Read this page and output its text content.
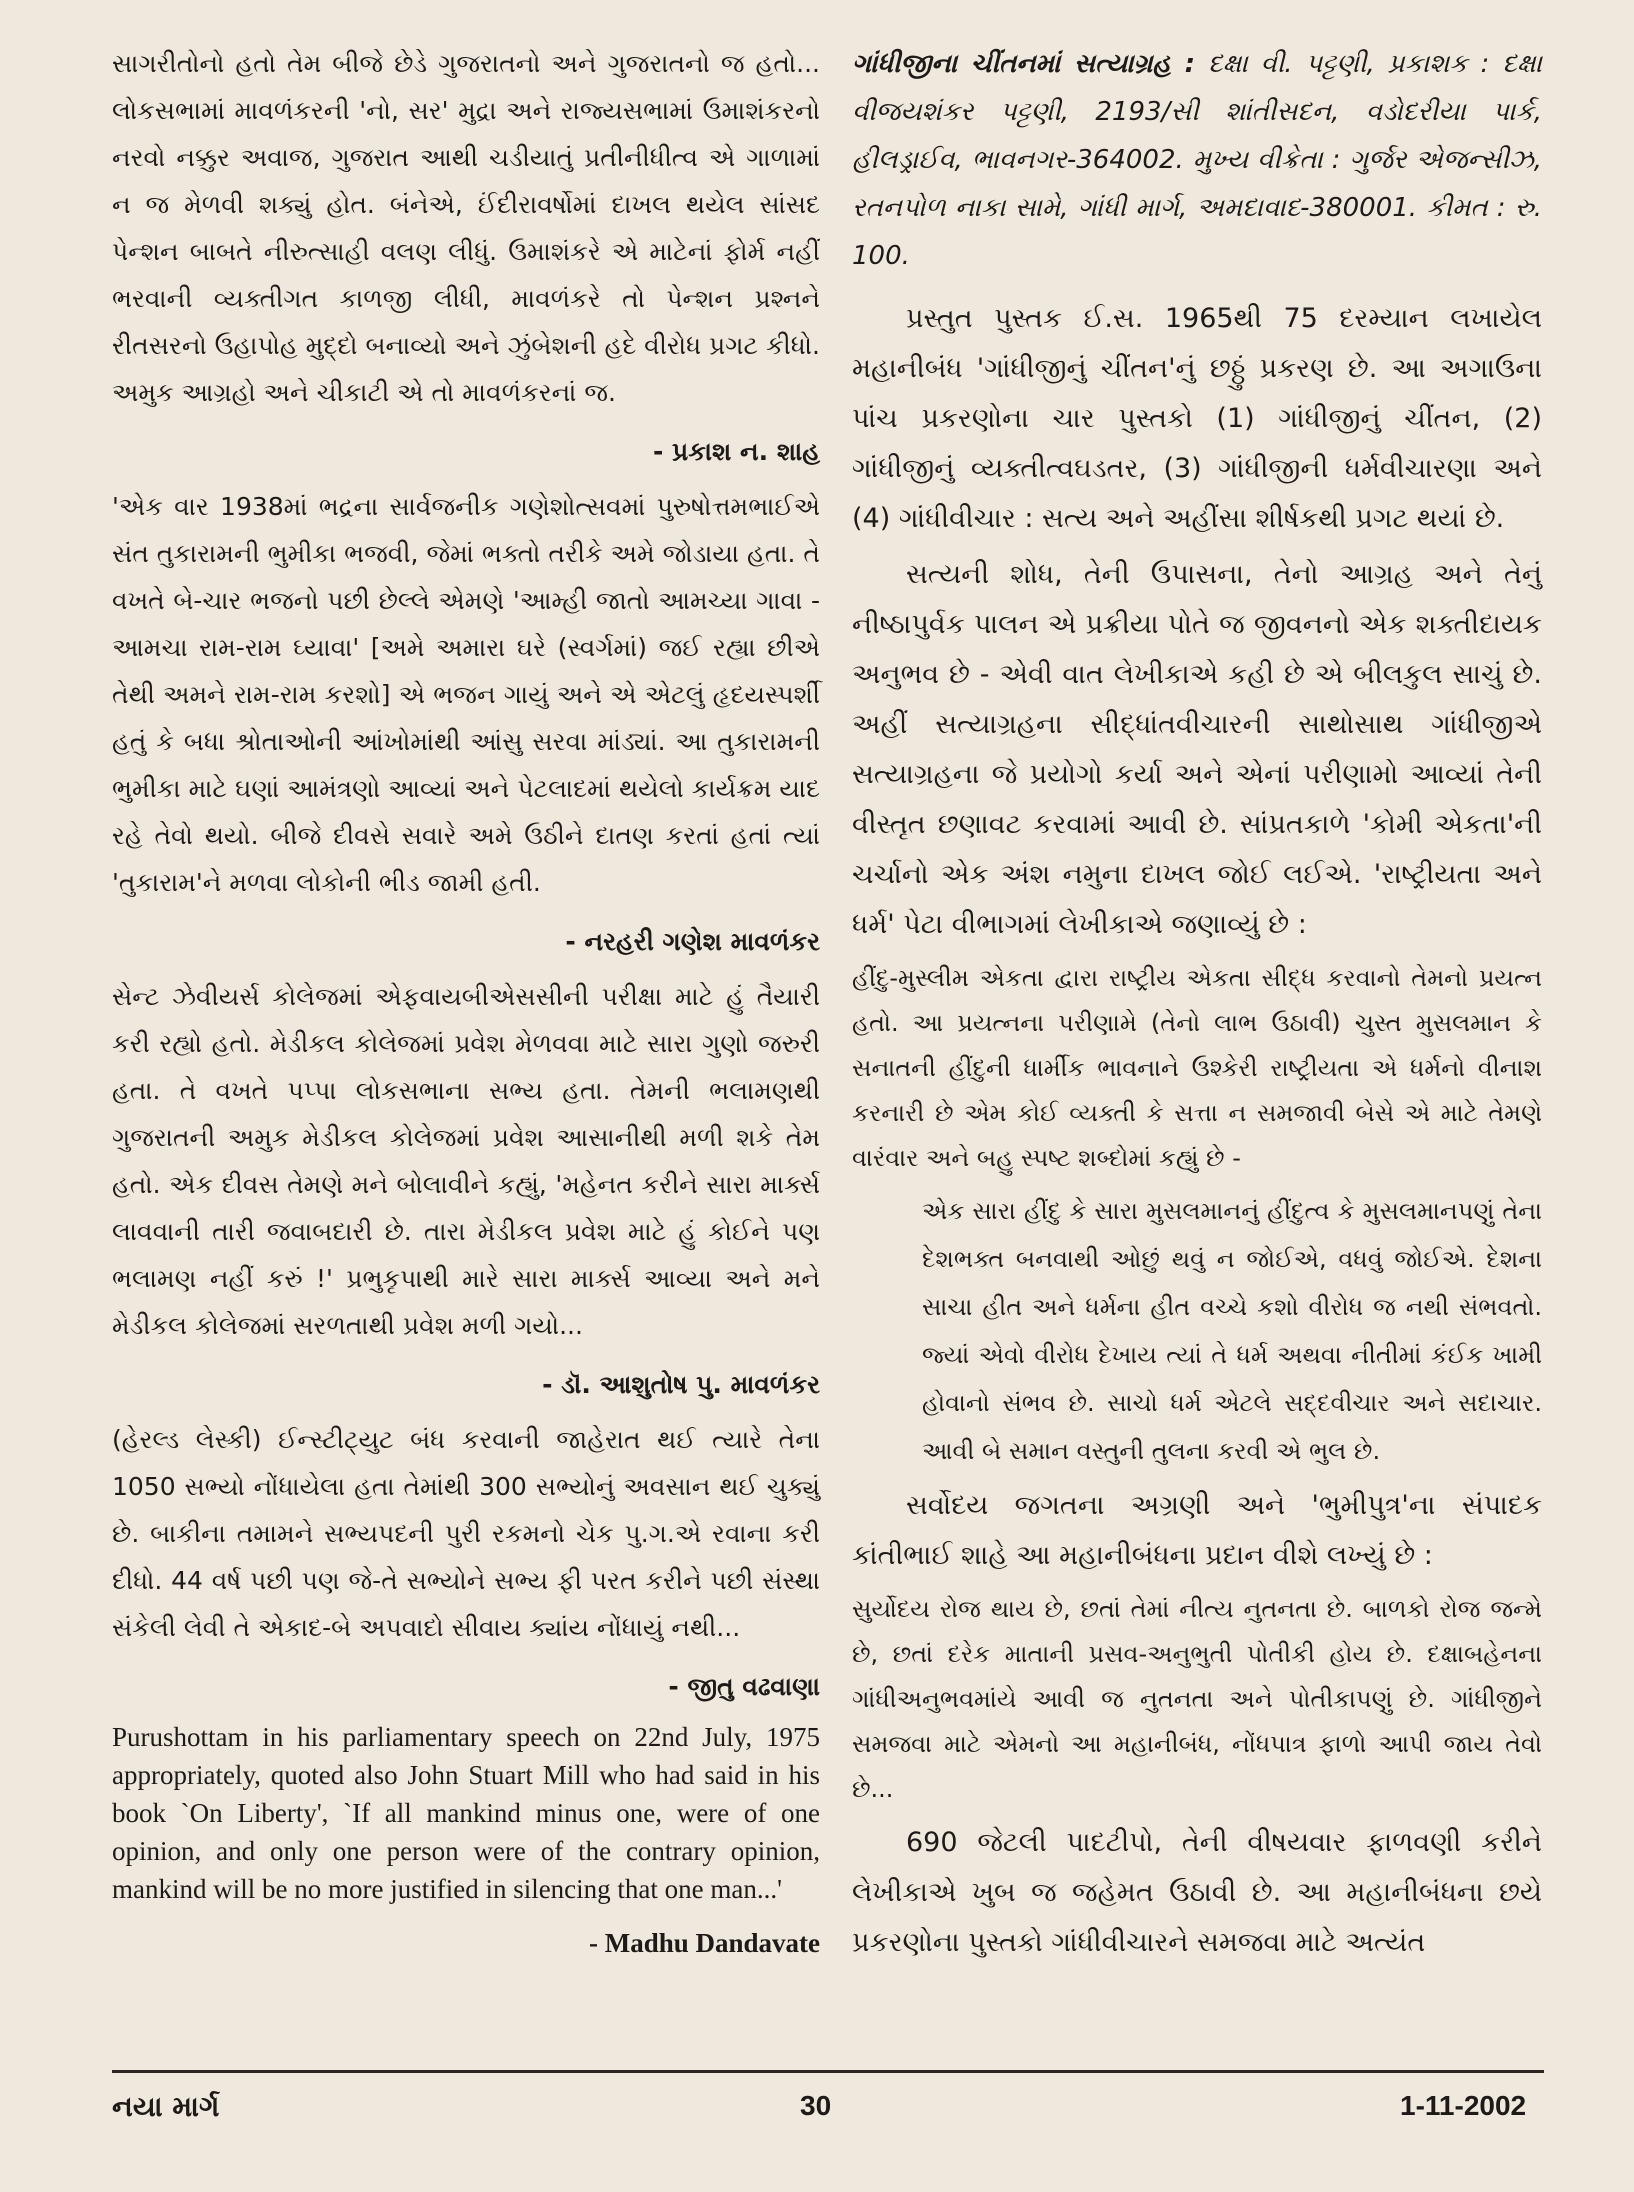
સાગરીતોનો હતો તેમ બીજે છેડે ગુજરાતનો અને ગુજરાતનો જ હતો... લોકસભામાં માવળંકરની 'નો, સર' મુદ્રા અને રાજ્યસભામાં ઉમાશંકરનો નરવો નક્કુર અવાજ, ગુજરાત આથી ચડીયાતું પ્રતીનીધીત્વ એ ગાળામાં ન જ મેળવી શક્યું હોત. બંનેએ, ઈંદીરાવર્ષોમાં દાખલ થયેલ સાંસદ પેન્શન બાબતે નીરુત્સાહી વલણ લીધું. ઉમાશંકરે એ માટેનાં ફોર્મ નહીં ભરવાની વ્યક્તીગત કાળજી લીધી, માવળંકરે તો પેન્શન પ્રશ્નને રીતસરનો ઉહાપોહ મુદ્દો બનાવ્યો અને ઝુંબેશની હદે વીરોધ પ્રગટ કીધો. અમુક આગ્રહો અને ચીકાટી એ તો માવળંકરનાં જ.

- પ્રકાશ ન. શાહ

'એક વાર 1938માં ભદ્રના સાર્વજનીક ગણેશોત્સવમાં પુરુષોત્તમભાઈએ સંત તુકારામની ભુમીકા ભજવી, જેમાં ભક્તો તરીકે અમે જોડાયા હતા. તે વખતે બે-ચાર ભજનો પછી છેલ્લે એમણે 'આમ્હી જાતો આમચ્યા ગાવા - આમચા રામ-રામ ઘ્યાવા' [અમે અમારા ઘરે (સ્વર્ગમાં) જઈ રહ્યા છીએ તેથી અમને રામ-રામ કરશો] એ ભજન ગાયું અને એ એટલું હૃદયસ્પર્શી હતું કે બધા શ્રોતાઓની આંખોમાંથી આંસુ સરવા માંડ્યાં. આ તુકારામની ભુમીકા માટે ઘણાં આમંત્રણો આવ્યાં અને પેટલાદમાં થયેલો કાર્યક્રમ યાદ રહે તેવો થયો. બીજે દીવસે સવારે અમે ઉઠીને દાતણ કરતાં હતાં ત્યાં 'તુકારામ'ને મળવા લોકોની ભીડ જામી હતી.

- નરહરી ગણેશ માવળંકર

સેન્ટ ઝેવીયર્સ કોલેજમાં એફવાયબીએસસીની પરીક્ષા માટે હું તૈયારી કરી રહ્યો હતો. મેડીકલ કોલેજમાં પ્રવેશ મેળવવા માટે સારા ગુણો જરુરી હતા. તે વખતે પપ્પા લોકસભાના સભ્ય હતા. તેમની ભલામણથી ગુજરાતની અમુક મેડીકલ કોલેજમાં પ્રવેશ આસાનીથી મળી શકે તેમ હતો. એક દીવસ તેમણે મને બોલાવીને કહ્યું, 'મહેનત કરીને સારા માર્ક્સ લાવવાની તારી જવાબદારી છે. તારા મેડીકલ પ્રવેશ માટે હું કોઈને પણ ભલામણ નહીં કરું !' પ્રભુકૃપાથી મારે સારા માર્ક્સ આવ્યા અને મને મેડીકલ કોલેજમાં સરળતાથી પ્રવેશ મળી ગયો...

- ડૉ. આશુતોષ પુ. માવળંકર

(હેરલ્ડ લેસ્કી) ઈન્સ્ટીટ્યુટ બંધ કરવાની જાહેરાત થઈ ત્યારે તેના 1050 સભ્યો નોંધાયેલા હતા તેમાંથી 300 સભ્યોનું અવસાન થઈ ચુક્યું છે. બાકીના તમામને સભ્યપદની પુરી રકમનો ચેક પુ.ગ.એ રવાના કરી દીધો. 44 વર્ષ પછી પણ જે-તે સભ્યોને સભ્ય ફી પરત કરીને પછી સંસ્થા સંકેલી લેવી તે એકાદ-બે અપવાદો સીવાય ક્યાંય નોંધાયું નથી...

- જીતુ વઢવાણા

Purushottam in his parliamentary speech on 22nd July, 1975 appropriately, quoted also John Stuart Mill who had said in his book `On Liberty', `If all mankind minus one, were of one opinion, and only one person were of the contrary opinion, mankind will be no more justified in silencing that one man...'

- Madhu Dandavate

ગાંધીજીના ચીંતનમાં સત્યાગ્રહ : દક્ષા વી. પટ્ટણી, પ્રકાશક : દક્ષા વીજયશંકર પટ્ટણી, 2193/સી શાંતીસદન, વડોદરીયા પાર્ક, હીલડ્રાઈવ, ભાવનગર-364002. મુખ્ય વીક્રેતા : ગુર્જર એજન્સીઝ, રતનપોળ નાકા સામે, ગાંધી માર્ગ, અમદાવાદ-380001. કીમત : રુ. 100.

પ્રસ્તુત પુસ્તક ઈ.સ. 1965થી 75 દરમ્યાન લખાયેલ મહાનીબંધ 'ગાંધીજીનું ચીંતન'નું છઠ્ઠું પ્રકરણ છે. આ અગાઉના પાંચ પ્રકરણોના ચાર પુસ્તકો (1) ગાંધીજીનું ચીંતન, (2) ગાંધીજીનું વ્યક્તીત્વઘડતર, (3) ગાંધીજીની ધર્મવીચારણા અને (4) ગાંધીવીચાર : સત્ય અને અહીંસા શીર્ષકથી પ્રગટ થયાં છે.

સત્યની શોધ, તેની ઉપાસના, તેનો આગ્રહ અને તેનું નીષ્ઠાપુર્વક પાલન એ પ્રક્રીયા પોતે જ જીવનનો એક શક્તીદાયક અનુભવ છે - એવી વાત લેખીકાએ કહી છે એ બીલકુલ સાચું છે. અહીં સત્યાગ્રહના સીદ્ધાંતવીચારની સાથોસાથ ગાંધીજીએ સત્યાગ્રહના જે પ્રયોગો કર્યા અને એનાં પરીણામો આવ્યાં તેની વીસ્તૃત છણાવટ કરવામાં આવી છે. સાંપ્રતકાળે 'કોમી એકતા'ની ચર્ચાનો એક અંશ નમુના દાખલ જોઈ લઈએ. 'રાષ્ટ્રીયતા અને ધર્મ' પેટા વીભાગમાં લેખીકાએ જણાવ્યું છે :

હીંદુ-મુસ્લીમ એકતા દ્વારા રાષ્ટ્રીય એકતા સીદ્ધ કરવાનો તેમનો પ્રયત્ન હતો. આ પ્રયત્નના પરીણામે (તેનો લાભ ઉઠાવી) ચુસ્ત મુસલમાન કે સનાતની હીંદુની ધાર્મીક ભાવનાને ઉશ્કેરી રાષ્ટ્રીયતા એ ધર્મનો વીનાશ કરનારી છે એમ કોઈ વ્યક્તી કે સત્તા ન સમજાવી બેસે એ માટે તેમણે વારંવાર અને બહુ સ્પષ્ટ શબ્દોમાં કહ્યું છે -

એક સારા હીંદુ કે સારા મુસલમાનનું હીંદુત્વ કે મુસલમાનપણું તેના દેશભક્ત બનવાથી ઓછું થવું ન જોઈએ, વધવું જોઈએ. દેશના સાચા હીત અને ધર્મના હીત વચ્ચે કશો વીરોધ જ નથી સંભવતો. જ્યાં એવો વીરોધ દેખાય ત્યાં તે ધર્મ અથવા નીતીમાં કંઈક ખામી હોવાનો સંભવ છે. સાચો ધર્મ એટલે સદ્દવીચાર અને સદાચાર. આવી બે સમાન વસ્તુની તુલના કરવી એ ભુલ છે.

સર્વોદય જગતના અગ્રણી અને 'ભુમીપુત્ર'ના સંપાદક કાંતીભાઈ શાહે આ મહાનીબંધના પ્રદાન વીશે લખ્યું છે :

સુર્યોદય રોજ થાય છે, છતાં તેમાં નીત્ય નુતનતા છે. બાળકો રોજ જન્મે છે, છતાં દરેક માતાની પ્રસવ-અનુભુતી પોતીકી હોય છે. દક્ષાબહેનના ગાંધીઅનુભવમાંયે આવી જ નુતનતા અને પોતીકાપણું છે. ગાંધીજીને સમજવા માટે એમનો આ મહાનીબંધ, નોંધપાત્ર ફાળો આપી જાય તેવો છે...

690 જેટલી પાદટીપો, તેની વીષયવાર ફાળવણી કરીને લેખીકાએ ખુબ જ જહેમત ઉઠાવી છે. આ મહાનીબંધના છયે પ્રકરણોના પુસ્તકો ગાંધીવીચારને સમજવા માટે અત્યંત

નયા માર્ગ	30	1-11-2002
